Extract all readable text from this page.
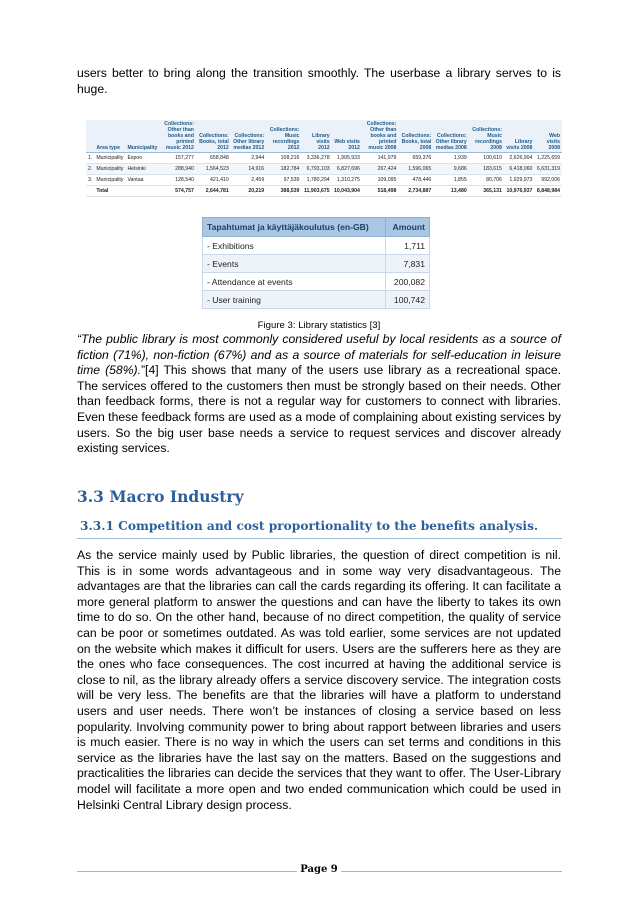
users better to bring along the transition smoothly. The userbase a library serves to is huge.

	Area type	Municipality	Collections: Other than books and printed music 2012	Collections: Books, total 2012	Collections: Other library medias 2012	Collections: Music recordings 2012	Library visits 2012	Web visits 2012	Collections: Other than books and printed music 2008	Collections: Books, total 2008	Collections: Other library medias 2008	Collections: Music recordings 2008	Library visits 2008	Web visits 2008
1.	Municipality	Espoo	157,277	658,848	2,944	108,216	3,336,278	1,905,933	141,979	659,376	1,939	100,610	2,626,904	1,225,659
2.	Municipality	Helsinki	288,940	1,564,523	14,916	182,784	6,793,103	6,827,696	267,424	1,596,065	9,686	183,615	6,418,060	6,631,319
3.	Municipality	Vantaa	128,540	421,410	2,459	97,539	1,780,294	1,310,275	109,095	478,446	1,855	80,706	1,929,973	992,006
	Total		574,757	2,644,781	20,219	388,539	11,903,675	10,043,904	518,498	2,734,887	13,480	365,131	10,976,937	8,848,984
Tapahtumat ja käyttäjäkoulutus (en-GB)	Amount
- Exhibitions	1,711
- Events	7,831
- Attendance at events	200,082
- User training	100,742

Figure 3: Library statistics [3]

“The public library is most commonly considered useful by local residents as a source of fiction (71%), non-fiction (67%) and as a source of materials for self-education in leisure time (58%).”[4] This shows that many of the users use library as a recreational space. The services offered to the customers then must be strongly based on their needs. Other than feedback forms, there is not a regular way for customers to connect with libraries. Even these feedback forms are used as a mode of complaining about existing services by users. So the big user base needs a service to request services and discover already existing services.

3.3 Macro Industry
3.3.1 Competition and cost proportionality to the benefits analysis.

As the service mainly used by Public libraries, the question of direct competition is nil. This is in some words advantageous and in some way very disadvantageous. The advantages are that the libraries can call the cards regarding its offering. It can facilitate a more general platform to answer the questions and can have the liberty to takes its own time to do so. On the other hand, because of no direct competition, the quality of service can be poor or sometimes outdated. As was told earlier, some services are not updated on the website which makes it difficult for users. Users are the sufferers here as they are the ones who face consequences. The cost incurred at having the additional service is close to nil, as the library already offers a service discovery service. The integration costs will be very less. The benefits are that the libraries will have a platform to understand users and user needs. There won’t be instances of closing a service based on less popularity. Involving community power to bring about rapport between libraries and users is much easier. There is no way in which the users can set terms and conditions in this service as the libraries have the last say on the matters. Based on the suggestions and practicalities the libraries can decide the services that they want to offer. The User-Library model will facilitate a more open and two ended communication which could be used in Helsinki Central Library design process.

Page 9
